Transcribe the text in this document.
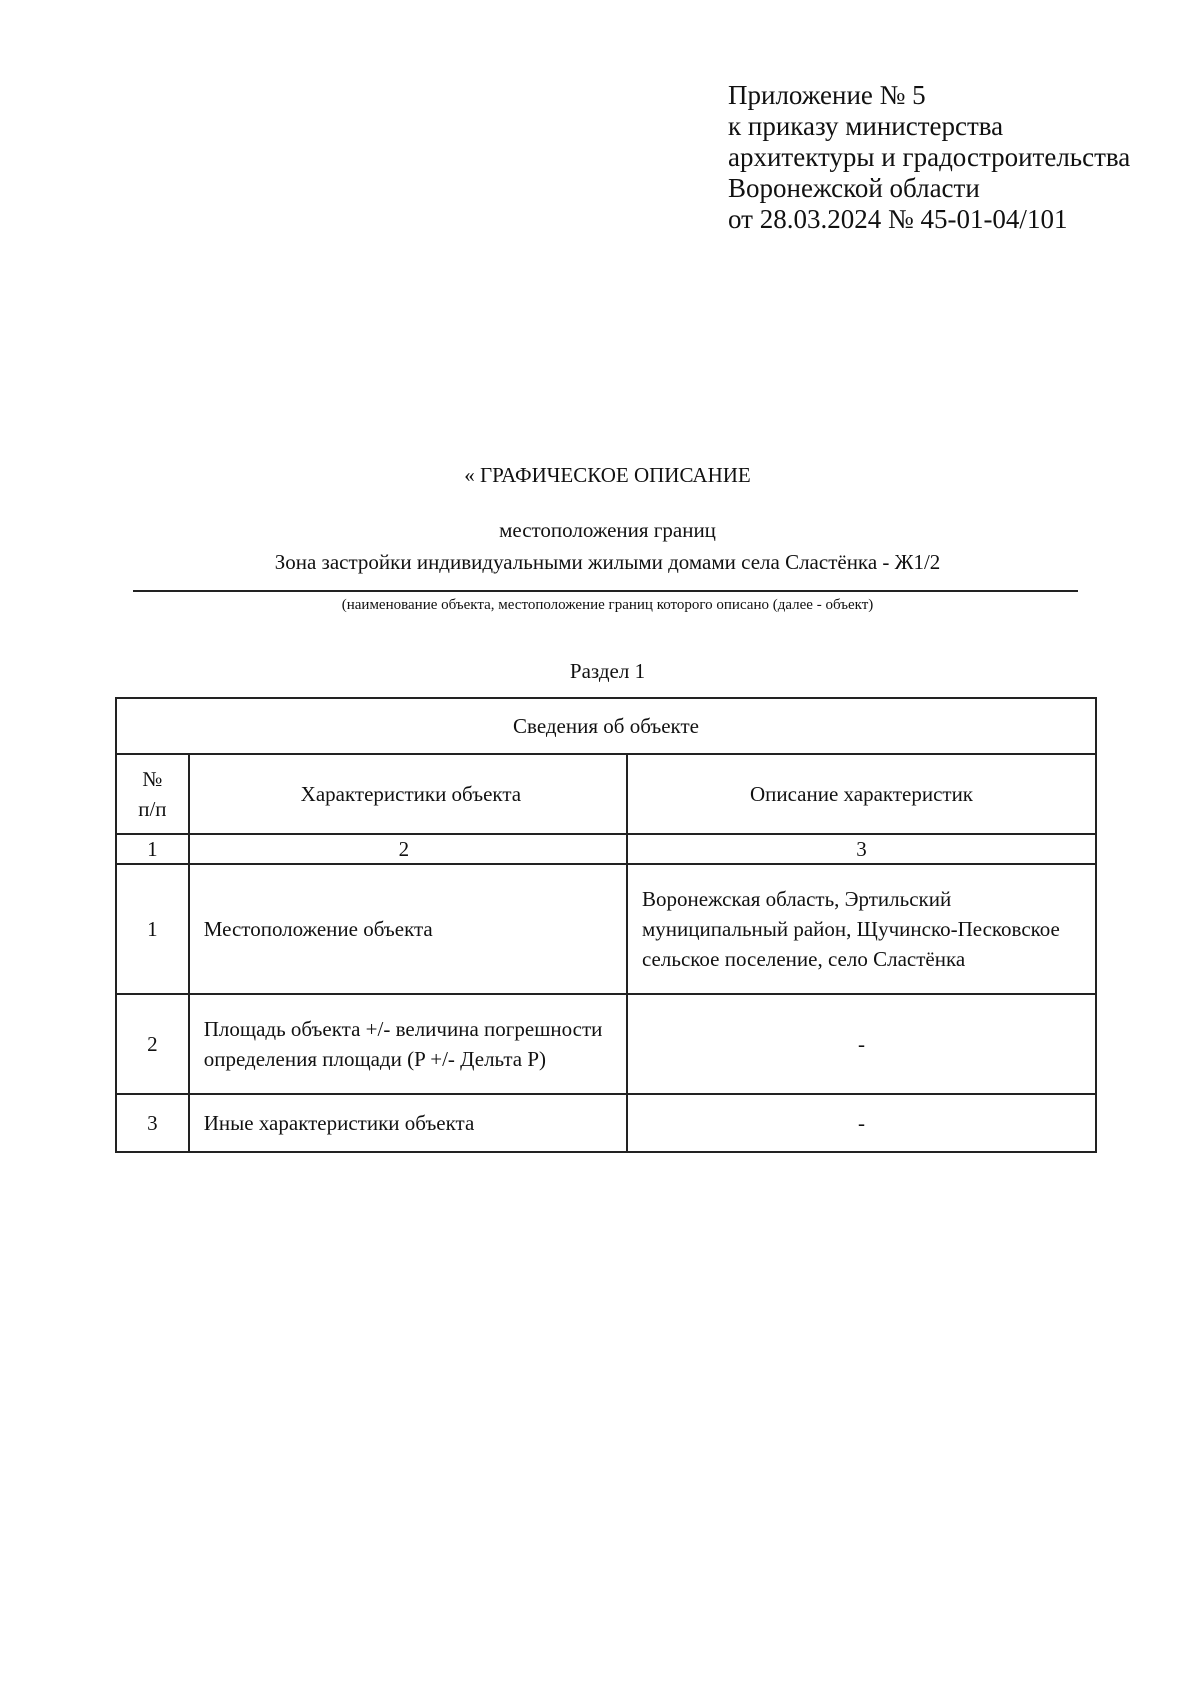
Приложение № 5
к приказу министерства
архитектуры и градостроительства
Воронежской области
от 28.03.2024 № 45-01-04/101
« ГРАФИЧЕСКОЕ ОПИСАНИЕ
местоположения границ
Зона застройки индивидуальными жилыми домами села Сластёнка - Ж1/2
(наименование объекта, местоположение границ которого описано (далее - объект)
Раздел 1
Сведения об объекте		

№
п/п	Характеристики объекта	Описание характеристик
1	2	3
1	Местоположение объекта	Воронежская область, Эртильский муниципальный район, Щучинско-Песковское сельское поселение, село Сластёнка
2	Площадь объекта +/- величина погрешности определения площади (P +/- Дельта P)	-
3	Иные характеристики объекта	-
